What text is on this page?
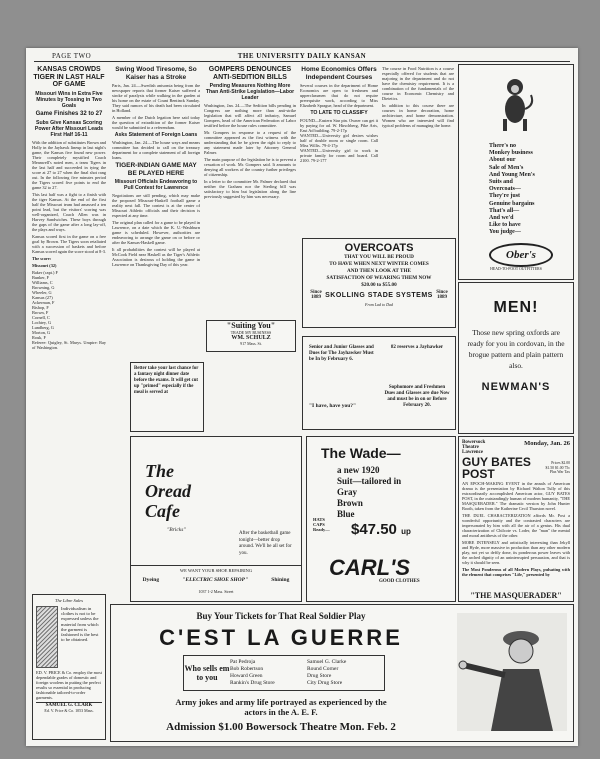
PAGE TWO	THE UNIVERSITY DAILY KANSAN
KANSAS CROWDS TIGER IN LAST HALF OF GAME
Missouri Wins in Extra Five Minutes by Tossing in Two Goals
Game Finishes 32 to 27
Subs Give Kansas Scoring Power After Missouri Leads First Half 16-11

With the addition of substitutes Brown and Holly in the Jayhawk lineup in last night's game, the Kansas five found new power. Their completely mystified Coach Meanwell's noted men, a team Tigers in the last half and succeeded in tying the score at 27 to 27 when the final shot rang out. In the following five minutes period the Tigers scored five points to end the game 32 to 27.

This last half was a fight to a finish with the tiger Kansas. At the end of the first half the Missouri team had amassed a ten point lead, but the visitors' scoring was well-organized, Coach Allen was in Harvey Sandwiches. These boys through the gaps of the game after a long lay-off, the plays and ways.

Kansas scored first in the game on a free goal by Brown. The Tigers soon retaliated with a succession of baskets and before Kansas scored again the score stood at 8-3.

The score:

Missouri (32)

Baker (capt.) F
Bunker, F
Williams, C
Browning, G
Wheeler, G
Kansas (27)
Ackerman, F
Bishop, F
Brown, F
Cornell, C
Lochtey, G
Lundberg, G
Morton, G
Rouk, F

Referee: Quigley, St. Marys. Umpire: Ray of Washington.

The Libre Sales
Individualism in clothes is not to be expressed unless the material from which the garment is fashioned is the best to be obtained.
ED. V. PRICE & Co. employ the most dependable grades of domestic and foreign woolens in putting the perfect results so essential in producing fashionable tailored-to-order garments.
SAMUEL G. CLARK
Ed. V. Price & Co. 1053 Mass.
Swing Wood Tiresome, So Kaiser has a Stroke

Paris, Jan. 24.—Swedish anisomia being from the newspaper reports that former Kaiser suffered a stroke of paralysis while walking in the garden at his home on the estate of Count Bentinck Sunday. They said rumors of his death had been circulated in Holland.

A member of the Dutch legation here said today the question of extradition of the former Kaiser would be submitted to a referendum.

Asks Statement of Foreign Loans

Washington, Jan. 24.—The house ways and means committee has decided to call on the treasury department for a complete statement of all foreign loans.

TIGER-INDIAN GAME MAY BE PLAYED HERE
Missouri Officials Endeavoring to Pull Contest for Lawrence

Negotiations are still pending, which may make the proposed Missouri-Haskell football game a reality next fall. The contest is at the center of Missouri Athletic officials and their decision is expected at any time.

The original plan called for a game to be played in Lawrence, on a date which the K. U.-Washburn game is scheduled. However, authorities are endeavoring to arrange the game on or before or after the Kansas-Haskell game.

It all probabilities the contest will be played at McCook Field near Haskell as the Tiger's Athletic Association is desirous of holding the game in Lawrence on Thanksgiving Day of this year.

GOMPERS DENOUNCES ANTI-SEDITION BILLS
Pending Measures Nothing More Than Anti-Strike Legislation—Labor Leader

Washington, Jan. 24.—The Sedition bills pending in Congress are nothing more than anti-strike legislation that will affect all industry, Samuel Gompers, head of the American Federation of Labor testified before the house rules committee.

Mr. Gompers in response to a request of the committee appeared as the first witness with the understanding that he be given the right to reply to any statement made later by Attorney General Palmer.

The main purpose of the legislation he is to prevent a cessation of work. Mr. Gompers said. It amounts to denying all workers of the country further privileges of citizenship.

In a letter to the committee Mr. Palmer declared that neither the Graham nor the Sterling bill was satisfactory to him but legislation along the line previously suggested by him was necessary.

"Suiting You"
TRADE MY BUSINESS
WM. SCHULZ
917 Mass. St.
Home Economics Offers Independent Courses

Several courses in the department of Home Economics are open to freshmen and upperclassmen that do not require prerequisite work, according to Miss Elizabeth Sprague, head of the department.

TO LATE TO CLASSIFY
FOUND—Eastern Star pin. Owner can get it by paying for ad. W. Hirschberg, Pike Arts, East Ad building. 79-2-17p
WANTED—University girl desires wishes half of double room or single room. Call Miss Willis. 79-4-17p
WANTED—University girl to work in private family for room and board. Call 2100. 79-2-177

The course in Food Nutrition is a course especially offered for students that are majoring in the department and do not have the chemistry requirement. It is a combination of the fundamentals of the course in Economic Chemistry and Dietetics.

In addition to this course there are courses in home decoration, home architecture, and home demonstration. Women who are interested will find typical problems of managing the home.

There's no
Monkey business
About our
Sale of Men's
And Young Men's
Suits and
Overcoats—
They're just
Genuine bargains
That's all—
And we'd
Like to have
You judge—
Ober's
HEAD-TO-FOOT OUTFITTERS
OVERCOATS
THAT YOU WILL BE PROUD
TO HAVE WHEN NEXT WINTER COMES
AND THEN LOOK AT THE
SATISFACTION OF WEARING THEM NOW
$20.00 to $55.00
Since 1889 SKOLLING STADE SYSTEMS Since 1889
From Lad to Dad
Senior and Junior Glasses and Dues for The Jayhawker Must be In by February 6.
82 reserves a Jayhawker
"I have, have you?"
Sophomore and Freshmen Dues and Glasses are due Now and must be in on or Before February 20.
MEN!
Those new spring oxfords are ready for you in cordovan, in the brogue pattern and plain pattern also.
NEWMAN'S
Better take your last chance for a fantasy night dinner date before the exams. It will get cut up "primed" especially if the meal is served at
The
Oread
Cafe
"Bricks"
After the basketball game tonight—better drop around. We'll be all set for you.
WE WANT YOUR SHOE REPAIRING
Dyeing	"ELECTRIC SHOE SHOP"	Shining
1037 1-2 Mass. Street
The Wade—
a new 1920
Suit—tailored in
Gray
Brown
Blue
HATS CAPS Ready—	$47.50 up
CARL'S
GOOD CLOTHES
Bowersock Theatre Lawrence
Monday, Jan. 26
GUY BATES POST
Prices $2.00 $1.50 $1.00 75c Plus War Tax

AN EPOCH-MAKING EVENT in the annals of American drama is the presentation by Richard Walton Tully of this extraordinarily accomplished American actor, GUY BATES POST, in the outstandingly human of modern humanity, "THE MASQUERADER." The dramatic version by John Hunter Booth, taken from the Katherine Cecil Thurston novel.

THE DUEL CHARACTERIZATION affords Mr. Post a wonderful opportunity and the contrasted characters are impersonated by him with all the air of a genius. His dual characterization of Chilcote vs. Loder, the "man" the mental and moral antithesis of the other.

MORE INTENSELY and artistically interesting than Jekyll and Hyde, more massive in production than any other modern play, not yet so deftly done, its ponderous power leaves with the arched dignity of an uninterrupted persuasion, and that is why it should be seen.

The Most Ponderous of all Modern Plays, pulsating with the element that comprises "Life," presented by

"THE MASQUERADER"
Buy Your Tickets for That Real Soldier Play
C'EST LA GUERRE
Who sells em to you
Pat Pedroja
Bob Robertson
Howard Green
Rankin's Drug Store
Samuel G. Clarke
Round Corner
Drug Store
City Drug Store
Army jokes and army life portrayed as experienced by the
actors in the A. E. F.
Admission $1.00 Bowersock Theatre Mon. Feb. 2
